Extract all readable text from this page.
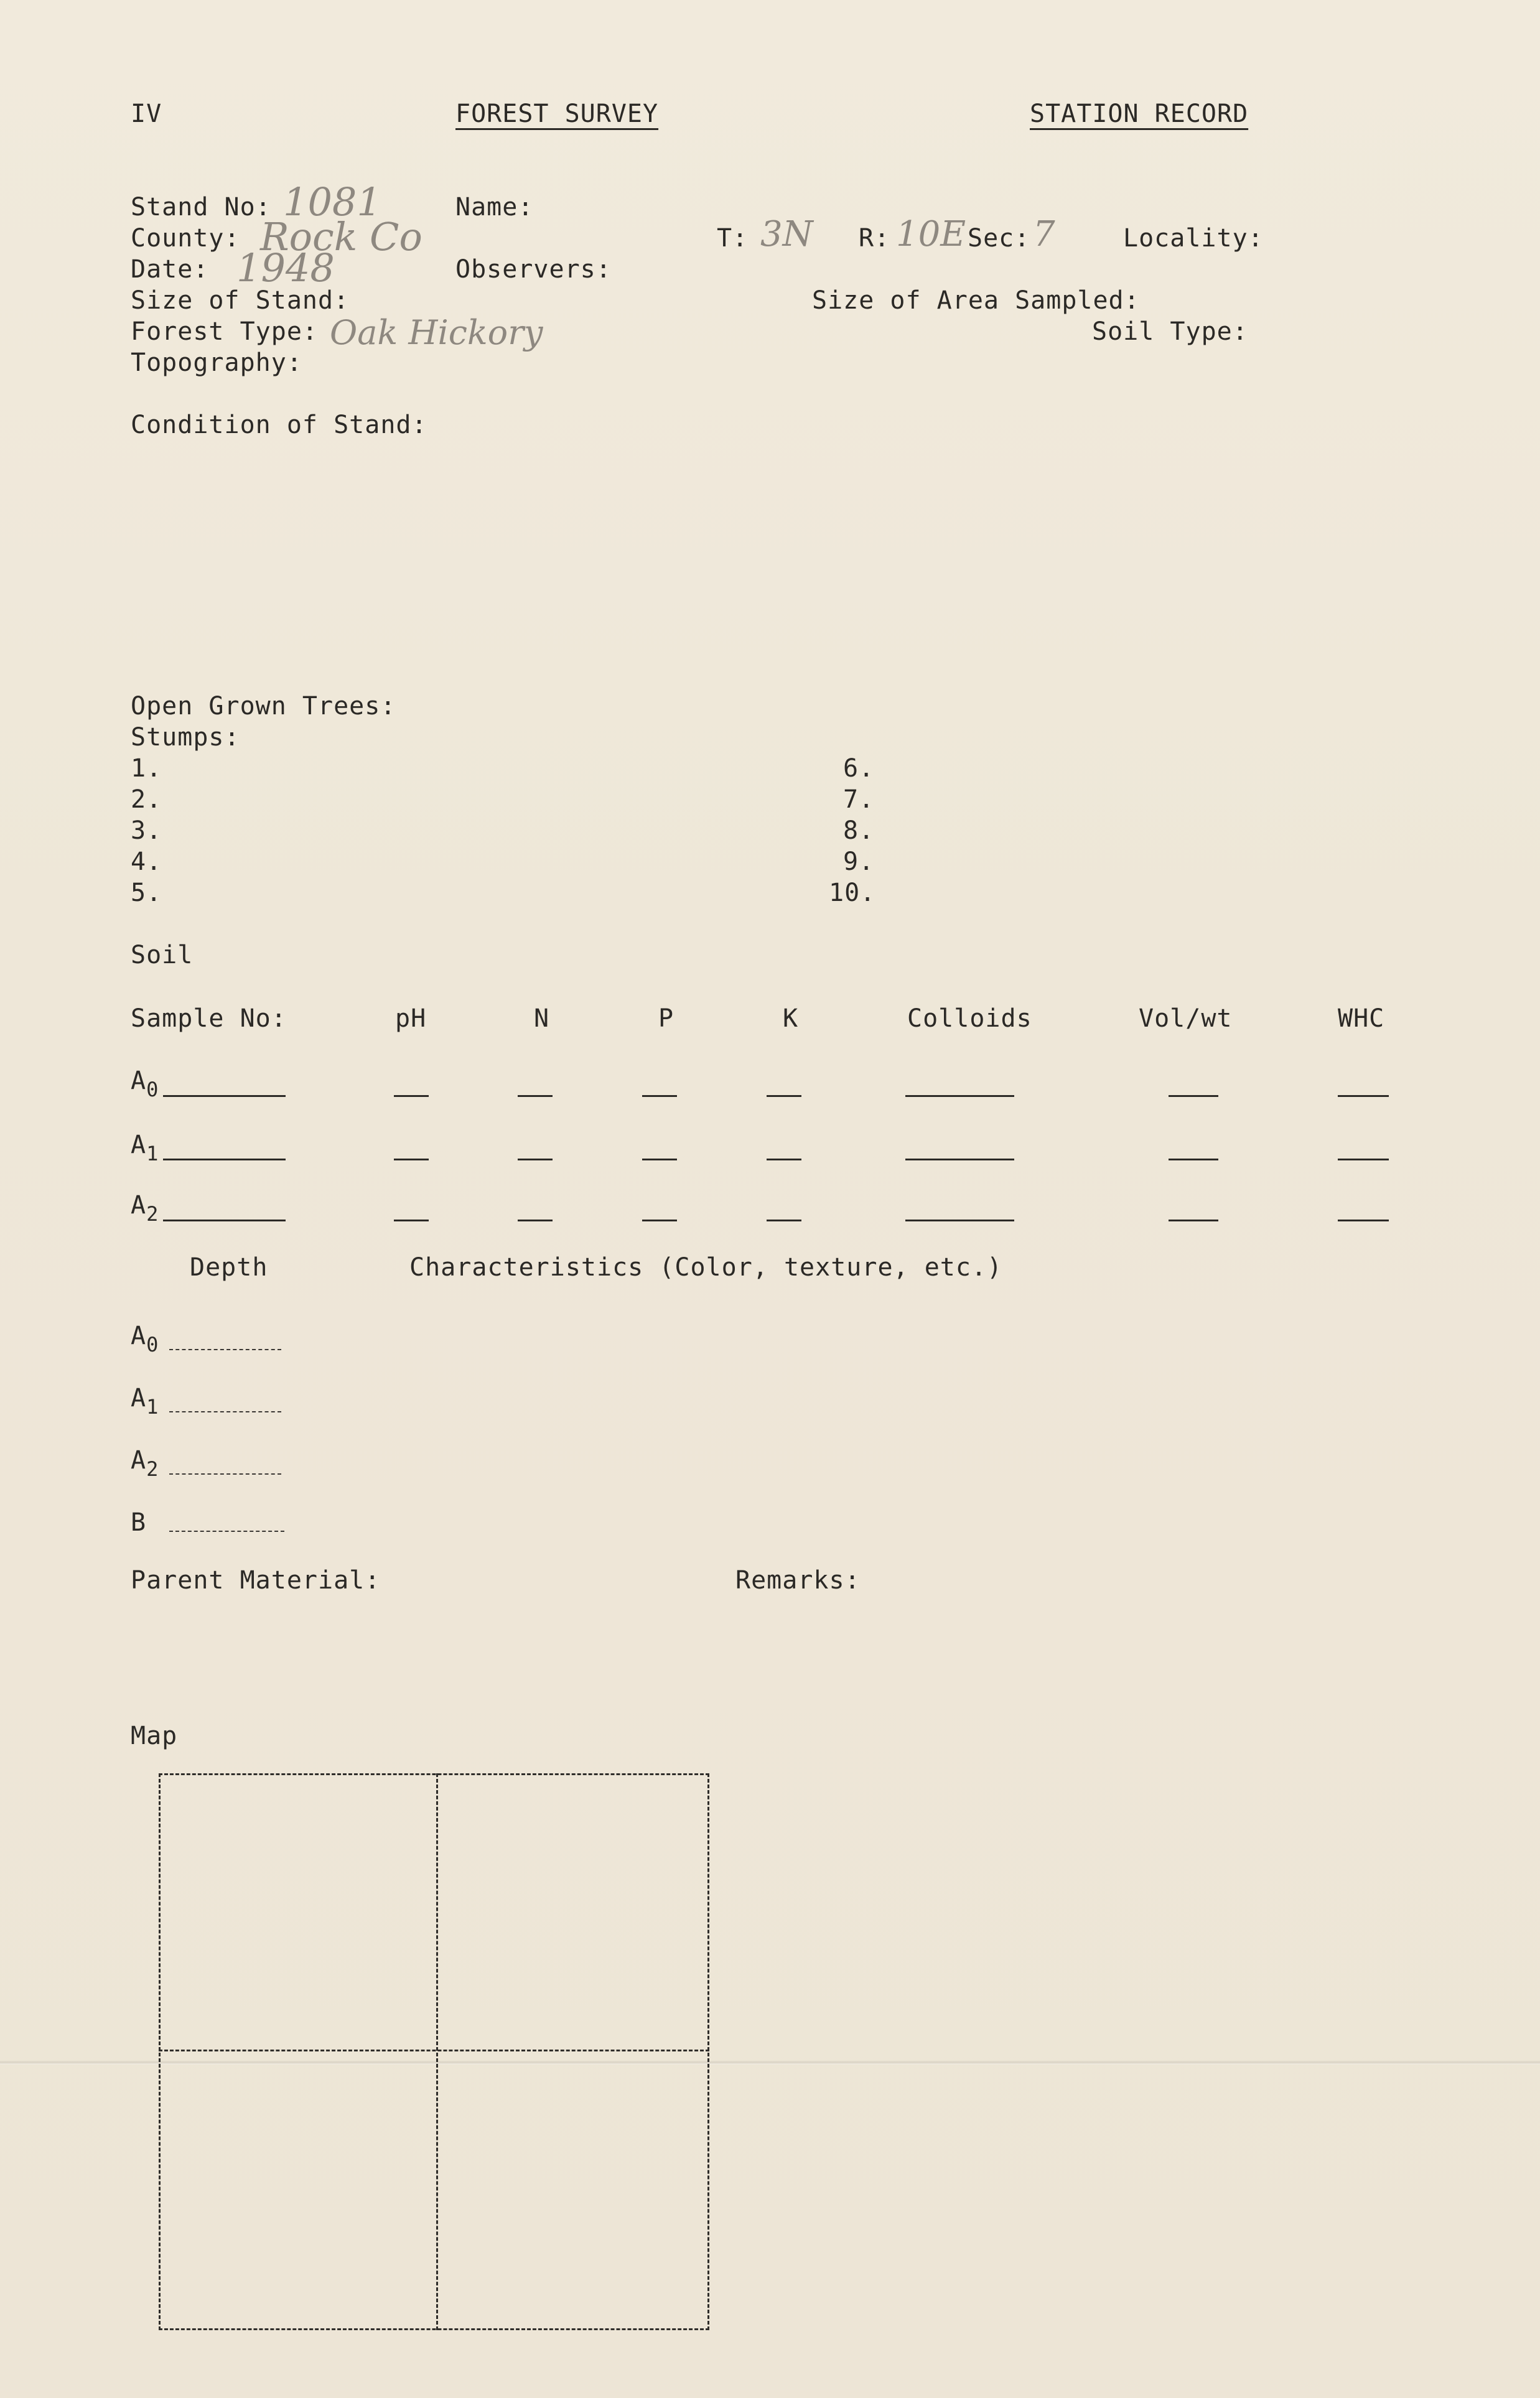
IV	FOREST SURVEY	STATION RECORD
Stand No: 1081	Name:
County: Rock Co	T: 3N R: 10E Sec: 7	Locality:
Date: 1948	Observers:
Size of Stand:	Size of Area Sampled:
Forest Type: Oak Hickory	Soil Type:
Topography:
Condition of Stand:
Open Grown Trees:
Stumps:
1.
2.
3.
4.
5.
6.
7.
8.
9.
10.
Soil
Sample No:	pH	N	P	K	Colloids	Vol/wt	WHC
$A_0$
$A_1$
$A_2$
Depth	Characteristics (Color, texture, etc.)
$A_0$
$A_1$
$A_2$
B
Parent Material:	Remarks:
Map
